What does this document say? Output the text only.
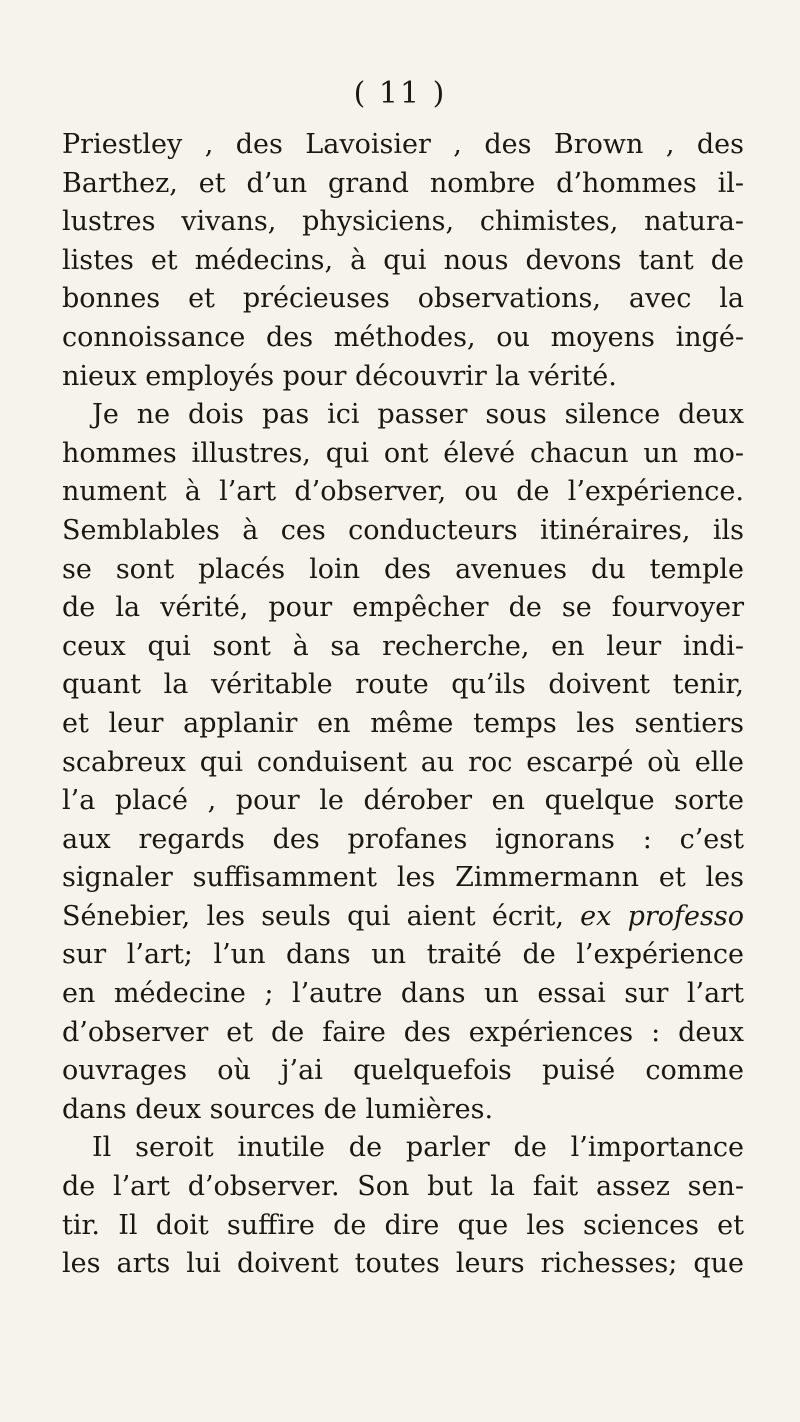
( 11 )
Priestley , des Lavoisier , des Brown , des
Barthez, et d’un grand nombre d’hommes il-
lustres vivans, physiciens, chimistes, natura-
listes et médecins, à qui nous devons tant de
bonnes et précieuses observations, avec la
connoissance des méthodes, ou moyens ingé-
nieux employés pour découvrir la vérité.
Je ne dois pas ici passer sous silence deux
hommes illustres, qui ont élevé chacun un mo-
nument à l’art d’observer, ou de l’expérience.
Semblables à ces conducteurs itinéraires, ils
se sont placés loin des avenues du temple
de la vérité, pour empêcher de se fourvoyer
ceux qui sont à sa recherche, en leur indi-
quant la véritable route qu’ils doivent tenir,
et leur applanir en même temps les sentiers
scabreux qui conduisent au roc escarpé où elle
l’a placé , pour le dérober en quelque sorte
aux regards des profanes ignorans : c’est
signaler suffisamment les Zimmermann et les
Sénebier, les seuls qui aient écrit, ex professo
sur l’art; l’un dans un traité de l’expérience
en médecine ; l’autre dans un essai sur l’art
d’observer et de faire des expériences : deux
ouvrages où j’ai quelquefois puisé comme
dans deux sources de lumières.
Il seroit inutile de parler de l’importance
de l’art d’observer. Son but la fait assez sen-
tir. Il doit suffire de dire que les sciences et
les arts lui doivent toutes leurs richesses; que
